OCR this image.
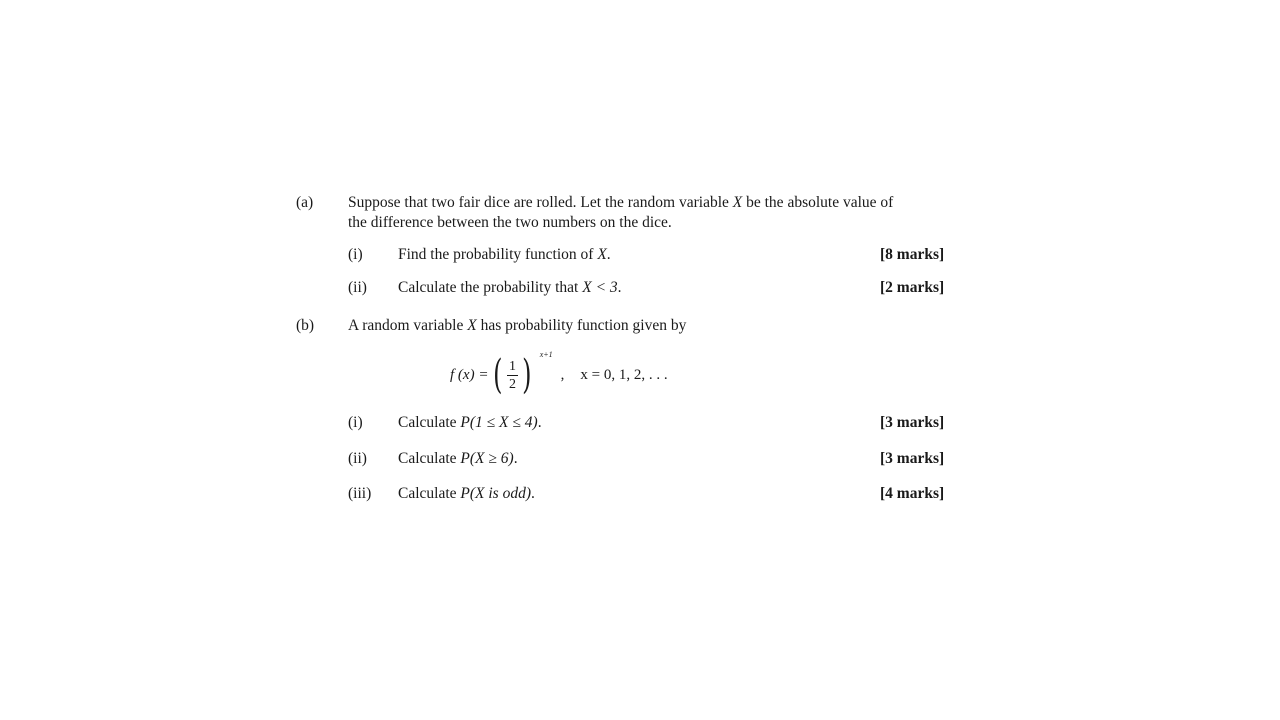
(a) Suppose that two fair dice are rolled. Let the random variable X be the absolute value of
the difference between the two numbers on the dice.
(i) Find the probability function of X.	[8 marks]
(ii) Calculate the probability that X < 3.	[2 marks]
(b) A random variable X has probability function given by
f (x) = ( $\frac{1}{2}$ ) x+1
, x = 0, 1, 2, . . .
(i) Calculate P(1 ≤ X ≤ 4).	[3 marks]
(ii) Calculate P(X ≥ 6).	[3 marks]
(iii) Calculate P(X is odd).	[4 marks]
